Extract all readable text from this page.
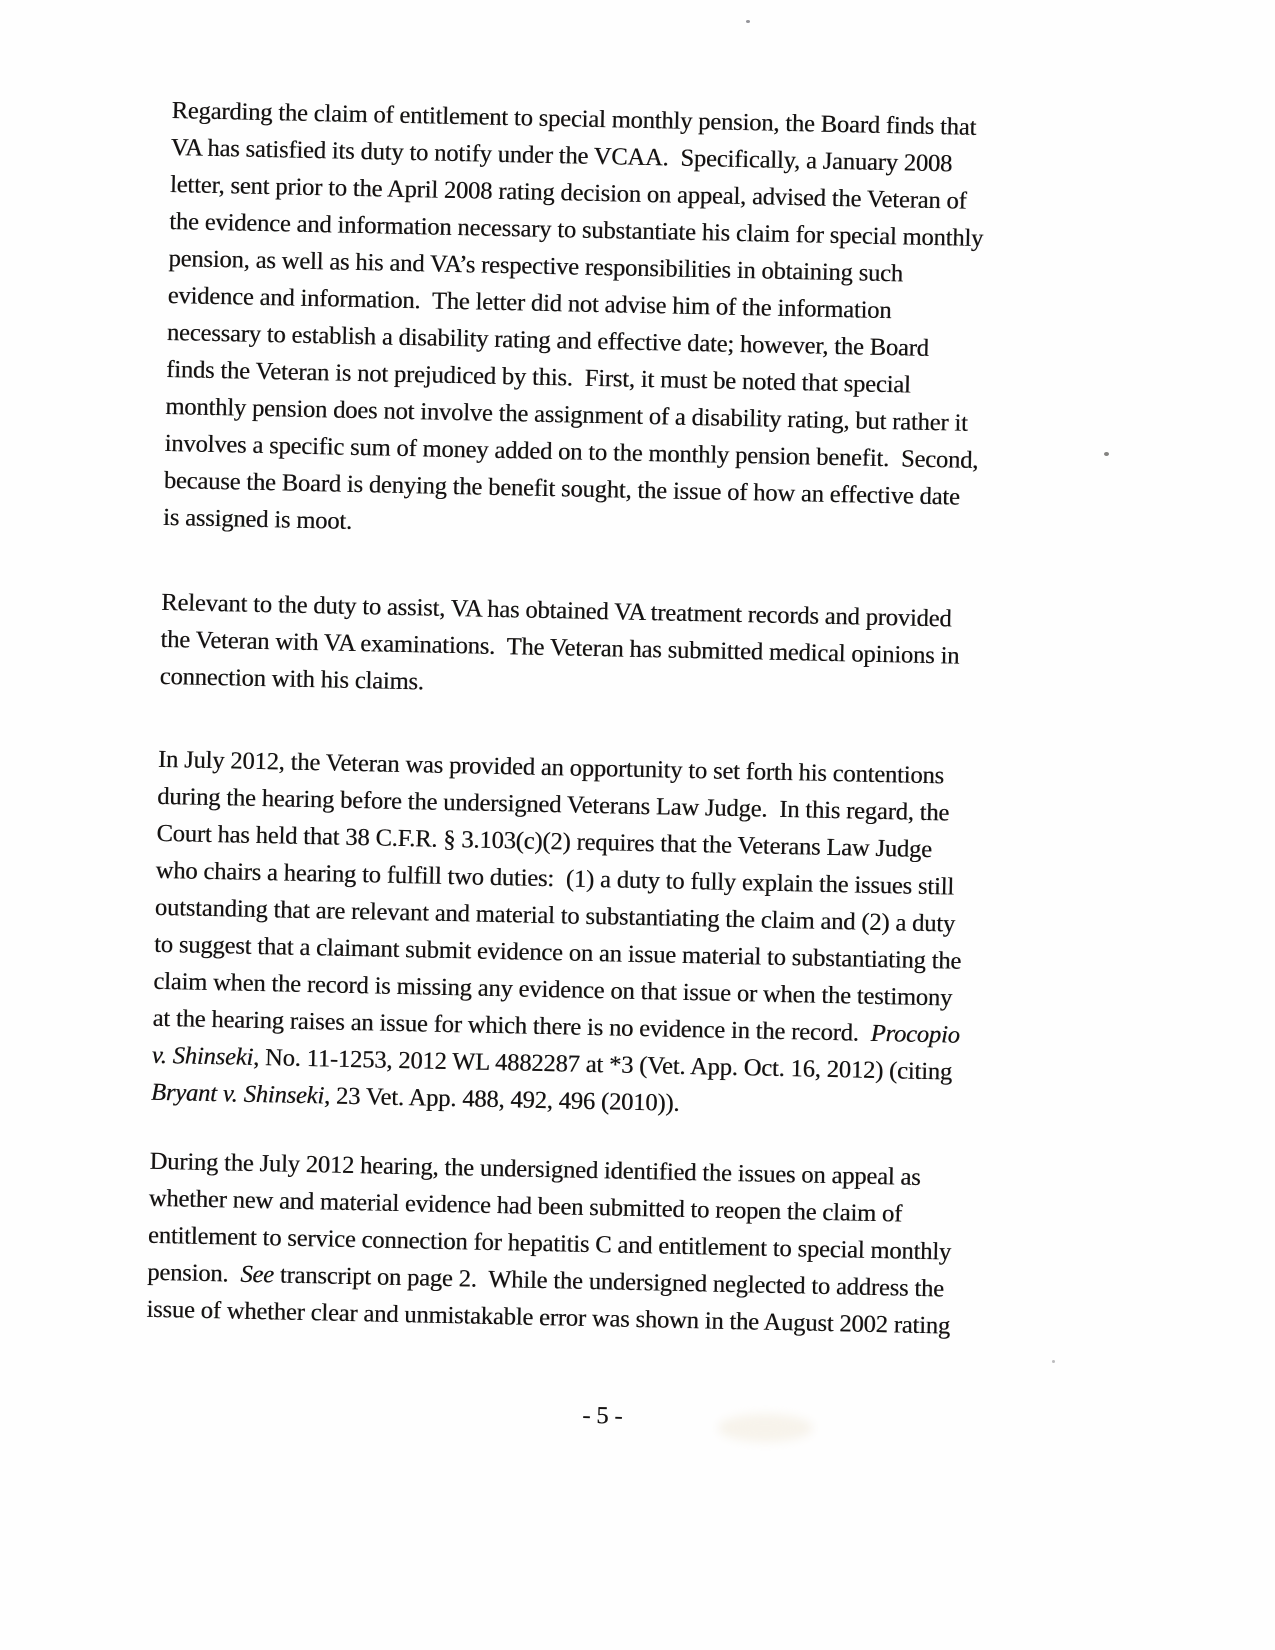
Regarding the claim of entitlement to special monthly pension, the Board finds that
VA has satisfied its duty to notify under the VCAA.  Specifically, a January 2008
letter, sent prior to the April 2008 rating decision on appeal, advised the Veteran of
the evidence and information necessary to substantiate his claim for special monthly
pension, as well as his and VA’s respective responsibilities in obtaining such
evidence and information.  The letter did not advise him of the information
necessary to establish a disability rating and effective date; however, the Board
finds the Veteran is not prejudiced by this.  First, it must be noted that special
monthly pension does not involve the assignment of a disability rating, but rather it
involves a specific sum of money added on to the monthly pension benefit.  Second,
because the Board is denying the benefit sought, the issue of how an effective date
is assigned is moot.
Relevant to the duty to assist, VA has obtained VA treatment records and provided
the Veteran with VA examinations.  The Veteran has submitted medical opinions in
connection with his claims.
In July 2012, the Veteran was provided an opportunity to set forth his contentions
during the hearing before the undersigned Veterans Law Judge.  In this regard, the
Court has held that 38 C.F.R. § 3.103(c)(2) requires that the Veterans Law Judge
who chairs a hearing to fulfill two duties:  (1) a duty to fully explain the issues still
outstanding that are relevant and material to substantiating the claim and (2) a duty
to suggest that a claimant submit evidence on an issue material to substantiating the
claim when the record is missing any evidence on that issue or when the testimony
at the hearing raises an issue for which there is no evidence in the record.  Procopio
v. Shinseki, No. 11-1253, 2012 WL 4882287 at *3 (Vet. App. Oct. 16, 2012) (citing
Bryant v. Shinseki, 23 Vet. App. 488, 492, 496 (2010)).
During the July 2012 hearing, the undersigned identified the issues on appeal as
whether new and material evidence had been submitted to reopen the claim of
entitlement to service connection for hepatitis C and entitlement to special monthly
pension.  See transcript on page 2.  While the undersigned neglected to address the
issue of whether clear and unmistakable error was shown in the August 2002 rating
- 5 -
